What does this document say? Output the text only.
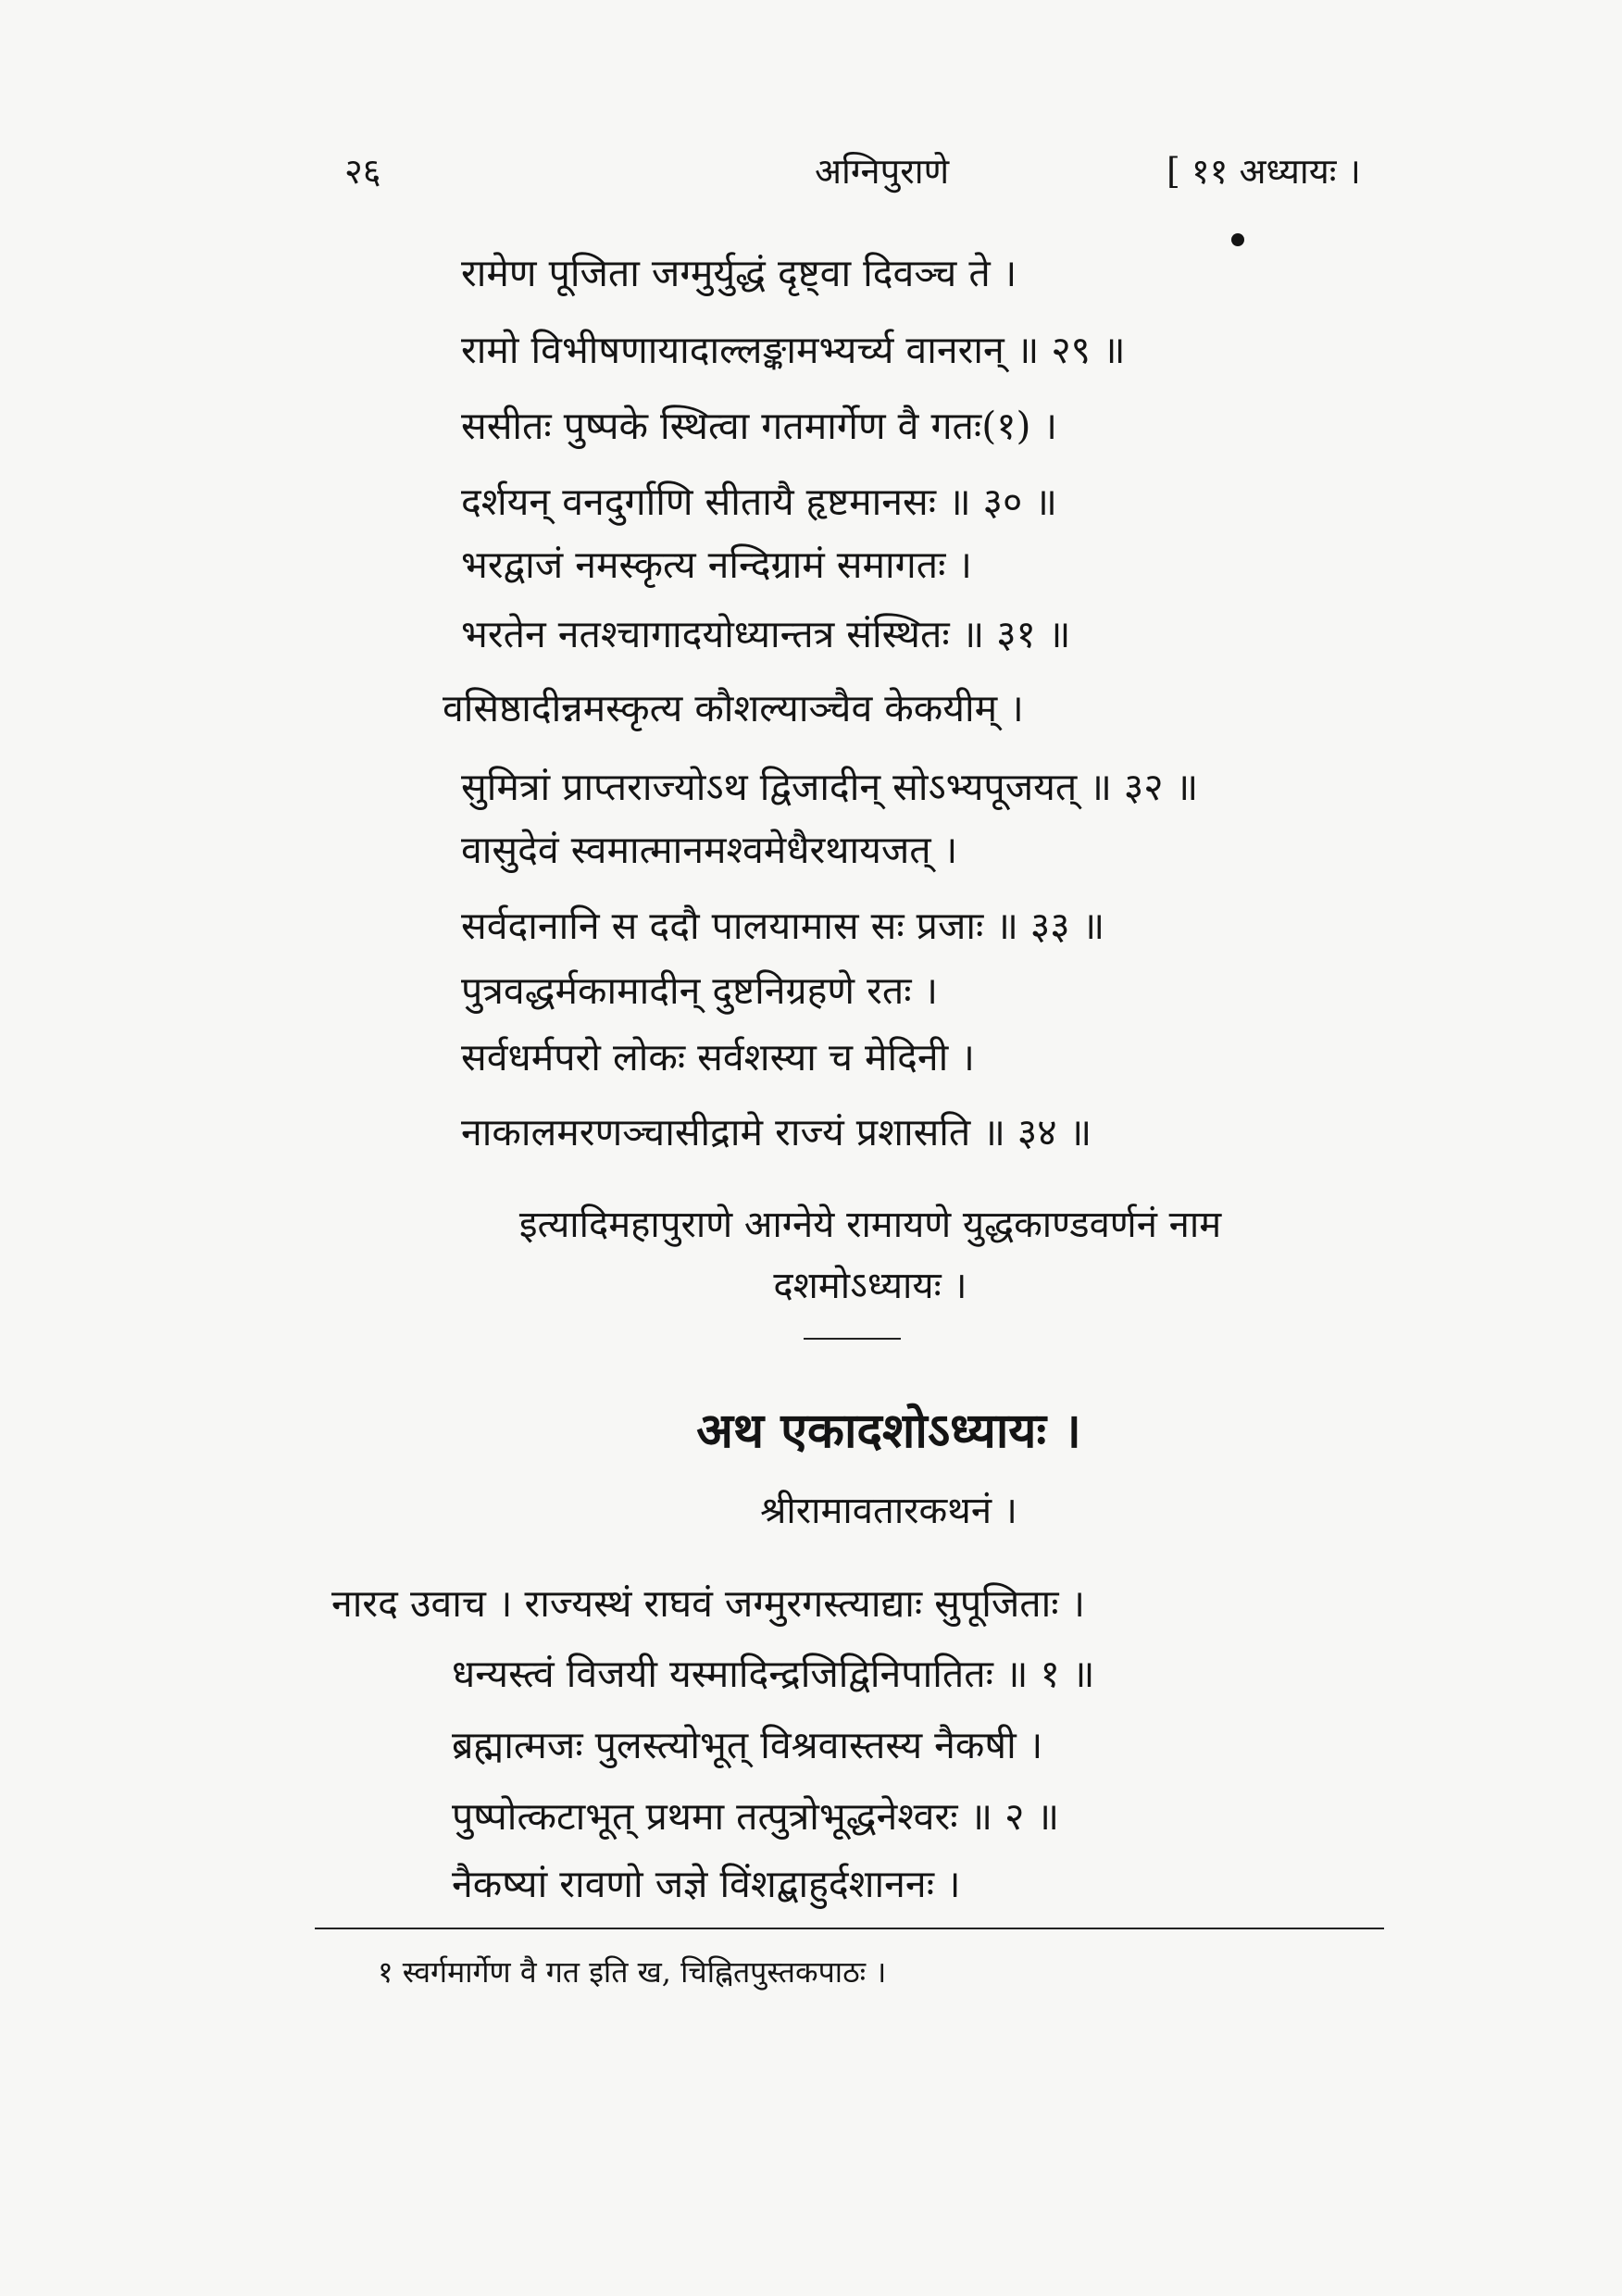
२६	अग्निपुराणे	[ ११ अध्यायः ।
रामेण पूजिता जग्मुर्युद्धं दृष्ट्वा दिवञ्च ते ।
रामो विभीषणायादाल्लङ्कामभ्यर्च्य वानरान् ॥ २९ ॥
ससीतः पुष्पके स्थित्वा गतमार्गेण वै गतः(१) ।
दर्शयन् वनदुर्गाणि सीतायै हृष्टमानसः ॥ ३० ॥
भरद्वाजं नमस्कृत्य नन्दिग्रामं समागतः ।
भरतेन नतश्चागादयोध्यान्तत्र संस्थितः ॥ ३१ ॥
वसिष्ठादीन्नमस्कृत्य कौशल्याञ्चैव केकयीम् ।
सुमित्रां प्राप्तराज्योऽथ द्विजादीन् सोऽभ्यपूजयत् ॥ ३२ ॥
वासुदेवं स्वमात्मानमश्वमेधैरथायजत् ।
सर्वदानानि स ददौ पालयामास सः प्रजाः ॥ ३३ ॥
पुत्रवद्धर्मकामादीन् दुष्टनिग्रहणे रतः ।
सर्वधर्मपरो लोकः सर्वशस्या च मेदिनी ।
नाकालमरणञ्चासीद्रामे राज्यं प्रशासति ॥ ३४ ॥
इत्यादिमहापुराणे आग्नेये रामायणे युद्धकाण्डवर्णनं नाम
दशमोऽध्यायः ।
अथ एकादशोऽध्यायः ।
श्रीरामावतारकथनं ।
नारद उवाच । राज्यस्थं राघवं जग्मुरगस्त्याद्याः सुपूजिताः ।
धन्यस्त्वं विजयी यस्मादिन्द्रजिद्विनिपातितः ॥ १ ॥
ब्रह्मात्मजः पुलस्त्योभूत् विश्रवास्तस्य नैकषी ।
पुष्पोत्कटाभूत् प्रथमा तत्पुत्रोभूद्धनेश्वरः ॥ २ ॥
नैकष्यां रावणो जज्ञे विंशद्बाहुर्दशाननः ।
१ स्वर्गमार्गेण वै गत इति ख, चिह्नितपुस्तकपाठः ।
